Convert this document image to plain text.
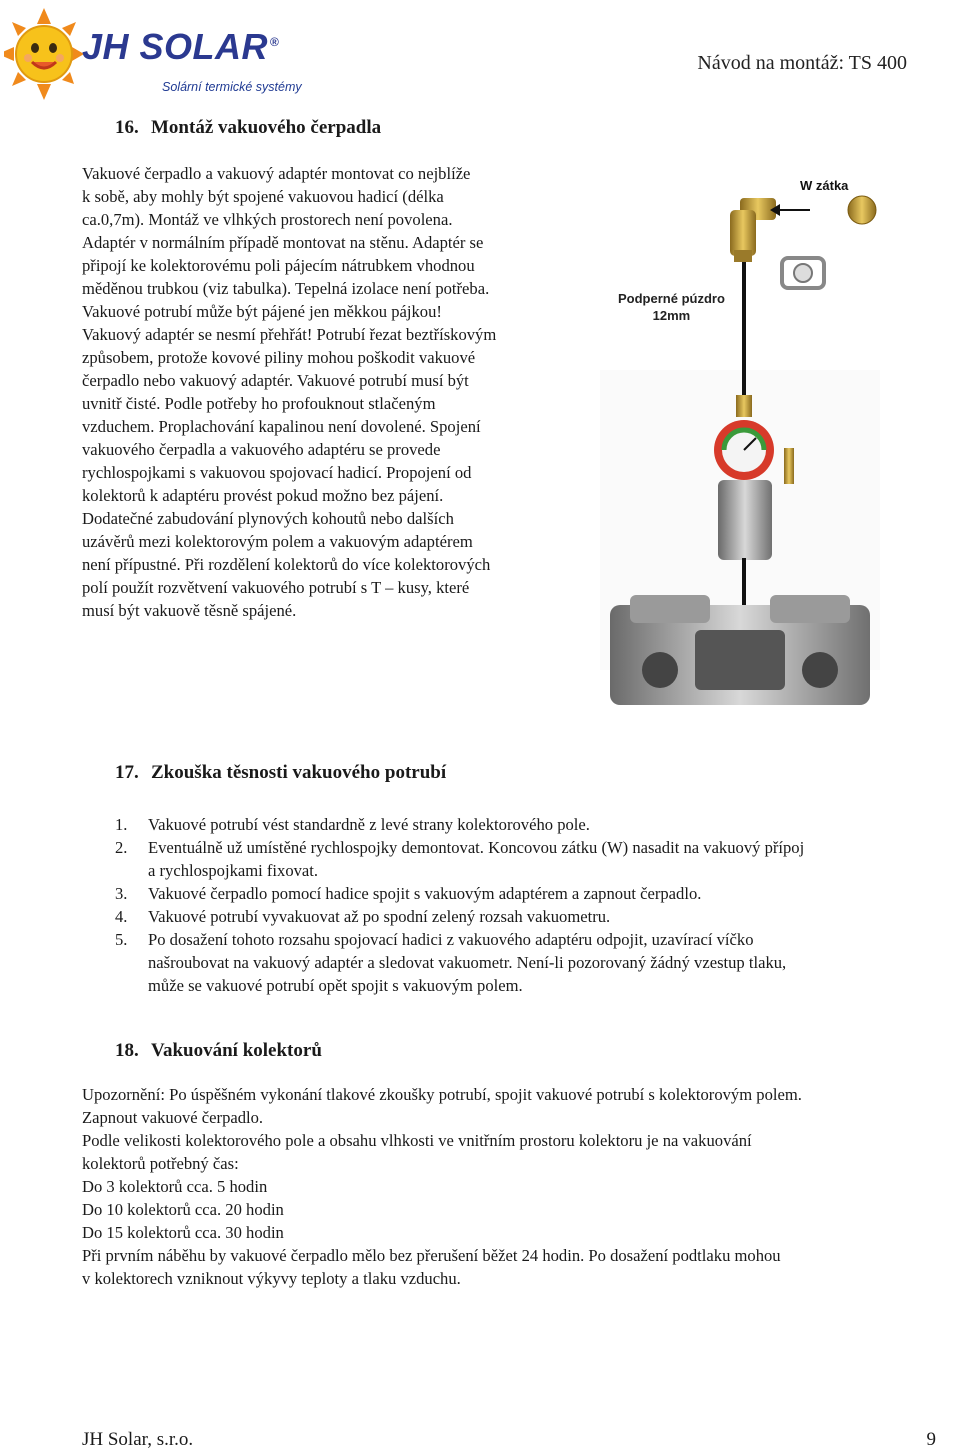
JH SOLAR ®
Solární termické systémy
Návod na montáž: TS 400
16. Montáž vakuového čerpadla
Vakuové čerpadlo a vakuový adaptér montovat co nejblíže
k sobě, aby mohly být spojené vakuovou hadicí (délka
ca.0,7m). Montáž ve vlhkých prostorech není povolena.
Adaptér v normálním případě montovat na stěnu. Adaptér se
připojí ke kolektorovému poli pájecím nátrubkem vhodnou
měděnou trubkou (viz tabulka). Tepelná izolace není potřeba.
Vakuové potrubí může být pájené jen měkkou pájkou!
Vakuový adaptér se nesmí přehřát! Potrubí řezat beztřískovým
způsobem, protože kovové piliny mohou poškodit vakuové
čerpadlo nebo vakuový adaptér. Vakuové potrubí musí být
uvnitř čisté. Podle potřeby ho profouknout stlačeným
vzduchem. Proplachování kapalinou není dovolené. Spojení
vakuového čerpadla a vakuového adaptéru se provede
rychlospojkami s vakuovou spojovací hadicí. Propojení od
kolektorů k adaptéru provést pokud možno bez pájení.
Dodatečné zabudování plynových kohoutů nebo dalších
uzávěrů mezi kolektorovým polem a vakuovým adaptérem
není přípustné. Při rozdělení kolektorů do více kolektorových
polí použít rozvětvení vakuového potrubí s T – kusy, které
musí být vakuově těsně spájené.
W zátka
Podperné púzdro
12mm
17. Zkouška těsnosti vakuového potrubí
1. Vakuové potrubí vést standardně z levé strany kolektorového pole.
2. Eventuálně už umístěné rychlospojky demontovat. Koncovou zátku (W) nasadit na vakuový přípoj
a rychlospojkami fixovat.
3. Vakuové čerpadlo pomocí hadice spojit s vakuovým adaptérem a zapnout čerpadlo.
4. Vakuové potrubí vyvakuovat až po spodní zelený rozsah vakuometru.
5. Po dosažení tohoto rozsahu spojovací hadici z vakuového adaptéru odpojit, uzavírací víčko
našroubovat na vakuový adaptér a sledovat vakuometr. Není-li pozorovaný žádný vzestup tlaku,
může se vakuové potrubí opět spojit s vakuovým polem.
18. Vakuování kolektorů
Upozornění: Po úspěšném vykonání tlakové zkoušky potrubí, spojit vakuové potrubí s kolektorovým polem.
Zapnout vakuové čerpadlo.
Podle velikosti kolektorového pole a obsahu vlhkosti ve vnitřním prostoru kolektoru je na vakuování
kolektorů potřebný čas:
Do 3 kolektorů cca. 5 hodin
Do 10 kolektorů cca. 20 hodin
Do 15 kolektorů cca. 30 hodin
Při prvním náběhu by vakuové čerpadlo mělo bez přerušení běžet 24 hodin. Po dosažení podtlaku mohou
v kolektorech vzniknout výkyvy teploty a tlaku vzduchu.
JH Solar, s.r.o.	9
